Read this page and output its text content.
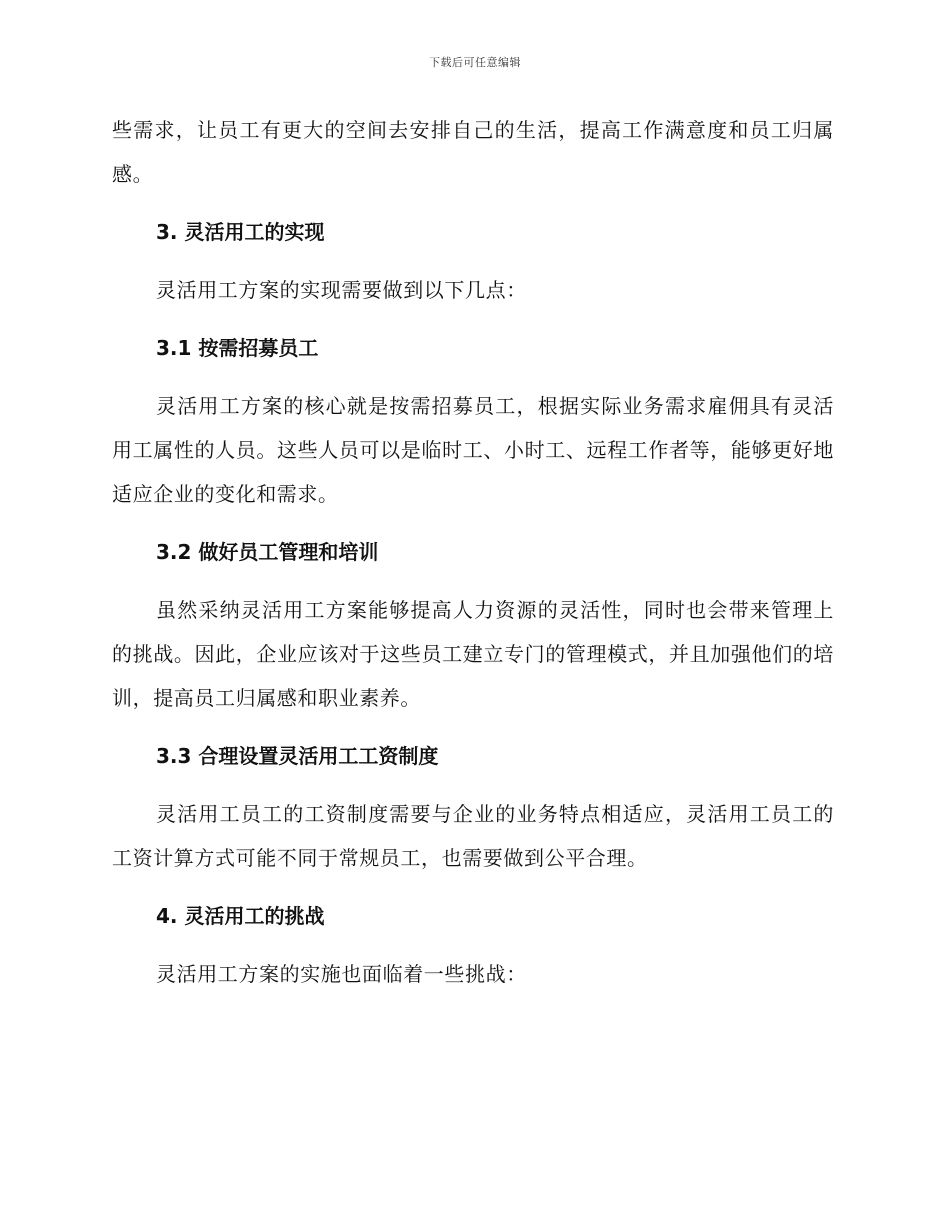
下载后可任意编辑

些需求，让员工有更大的空间去安排自己的生活，提高工作满意度和员工归属感。

3. 灵活用工的实现

灵活用工方案的实现需要做到以下几点：

3.1 按需招募员工

灵活用工方案的核心就是按需招募员工，根据实际业务需求雇佣具有灵活用工属性的人员。这些人员可以是临时工、小时工、远程工作者等，能够更好地适应企业的变化和需求。

3.2 做好员工管理和培训

虽然采纳灵活用工方案能够提高人力资源的灵活性，同时也会带来管理上的挑战。因此，企业应该对于这些员工建立专门的管理模式，并且加强他们的培训，提高员工归属感和职业素养。

3.3 合理设置灵活用工工资制度

灵活用工员工的工资制度需要与企业的业务特点相适应，灵活用工员工的工资计算方式可能不同于常规员工，也需要做到公平合理。

4. 灵活用工的挑战

灵活用工方案的实施也面临着一些挑战：
